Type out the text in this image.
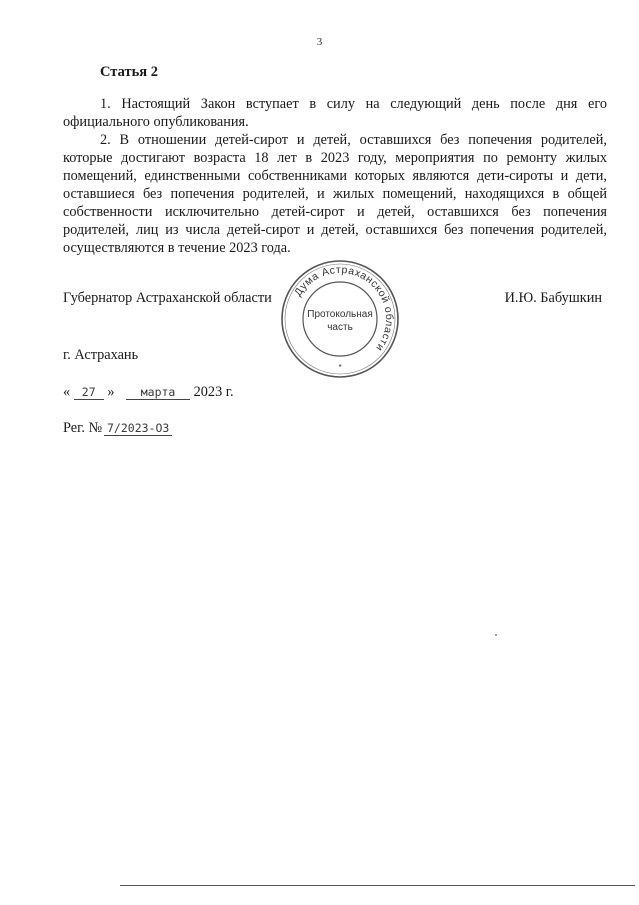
3
Статья 2

1. Настоящий Закон вступает в силу на следующий день после дня его официального опубликования.

2. В отношении детей-сирот и детей, оставшихся без попечения родителей, которые достигают возраста 18 лет в 2023 году, мероприятия по ремонту жилых помещений, единственными собственниками которых являются дети-сироты и дети, оставшиеся без попечения родителей, и жилых помещений, находящихся в общей собственности исключительно детей-сирот и детей, оставшихся без попечения родителей, лиц из числа детей-сирот и детей, оставшихся без попечения родителей, осуществляются в течение 2023 года.

Губернатор Астраханской области	И.Ю. Бабушкин
Дума Астраханской области
Протокольная
часть
*
г. Астрахань
« 27 » марта 2023 г.
Рег. № 7/2023-ОЗ
